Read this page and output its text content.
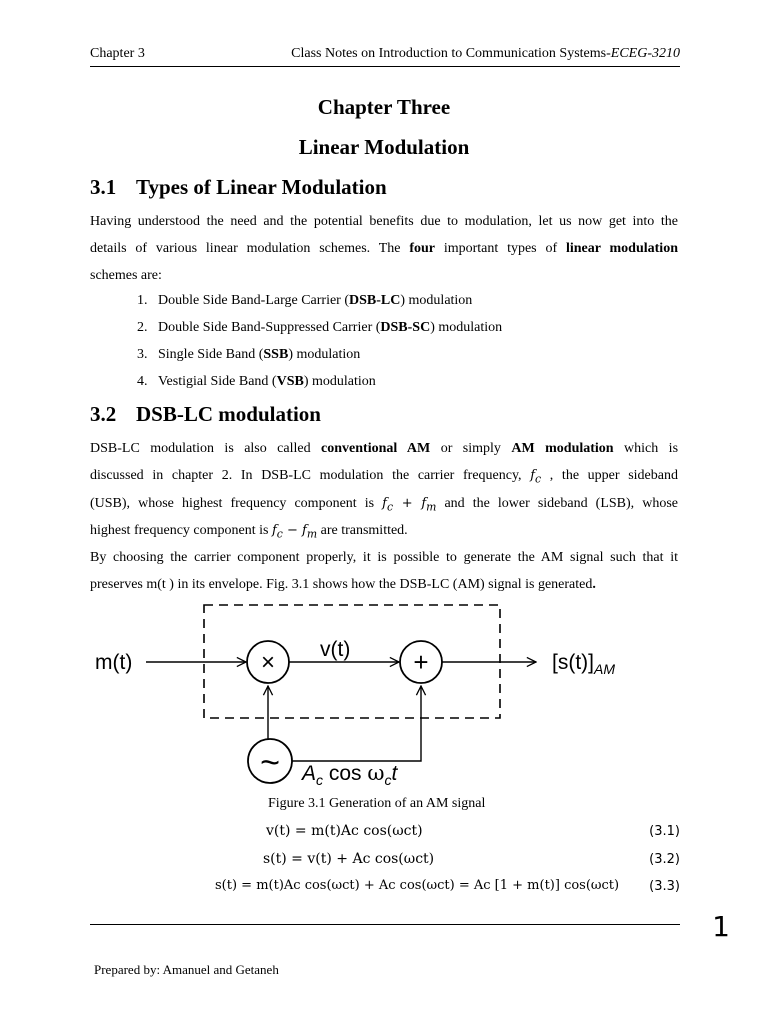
Chapter 3	Class Notes on Introduction to Communication Systems-ECEG-3210
Chapter Three
Linear Modulation
3.1 Types of Linear Modulation
Having understood the need and the potential benefits due to modulation, let us now get into the
details of various linear modulation schemes. The four important types of linear modulation
schemes are:
1. Double Side Band-Large Carrier (DSB-LC) modulation
2. Double Side Band-Suppressed Carrier (DSB-SC) modulation
3. Single Side Band (SSB) modulation
4. Vestigial Side Band (VSB) modulation
3.2 DSB-LC modulation
DSB-LC modulation is also called conventional AM or simply AM modulation which is
discussed in chapter 2. In DSB-LC modulation the carrier frequency, $f_c$ , the upper sideband
(USB), whose highest frequency component is $f_c + f_m$ and the lower sideband (LSB), whose
highest frequency component is $f_c - f_m$ are transmitted.
By choosing the carrier component properly, it is possible to generate the AM signal such that it
preserves m(t ) in its envelope. Fig. 3.1 shows how the DSB-LC (AM) signal is generated.
×	+
~
m(t)
v(t)
$[s(t)]_{AM}$
$A_c$ $\cos \omega_ct$
Figure 3.1 Generation of an AM signal
v(t) = m(t)Ac cos(ωct)	(3.1)
s(t) = v(t) + Ac cos(ωct)	(3.2)
s(t) = m(t)Ac cos(ωct) + Ac cos(ωct) = Ac [1 + m(t)] cos(ωct) (3.3)
1
Prepared by: Amanuel and Getaneh
